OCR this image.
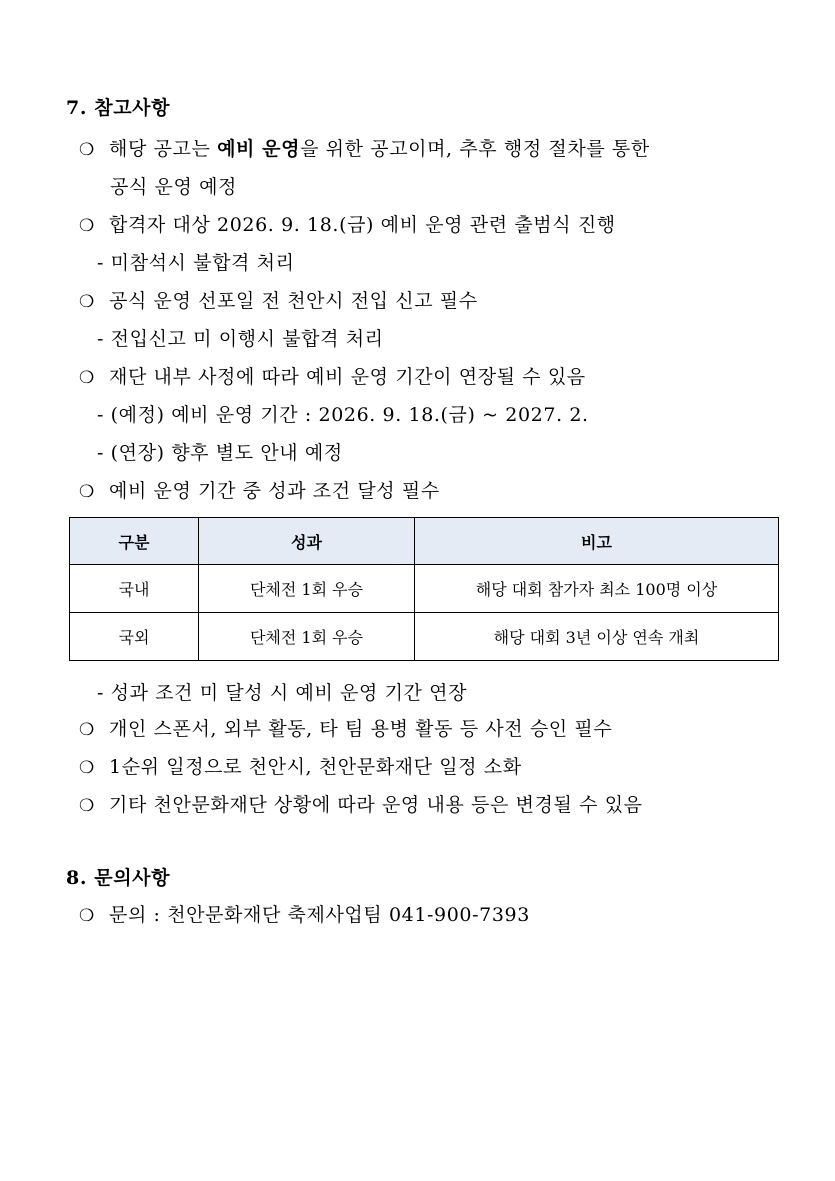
7. 참고사항
❍ 해당 공고는 예비 운영을 위한 공고이며, 추후 행정 절차를 통한
공식 운영 예정
❍ 합격자 대상 2026. 9. 18.(금) 예비 운영 관련 출범식 진행
- 미참석시 불합격 처리
❍ 공식 운영 선포일 전 천안시 전입 신고 필수
- 전입신고 미 이행시 불합격 처리
❍ 재단 내부 사정에 따라 예비 운영 기간이 연장될 수 있음
- (예정) 예비 운영 기간 : 2026. 9. 18.(금) ~ 2027. 2.
- (연장) 향후 별도 안내 예정
❍ 예비 운영 기간 중 성과 조건 달성 필수
구분	성과	비고
국내	단체전 1회 우승	해당 대회 참가자 최소 100명 이상
국외	단체전 1회 우승	해당 대회 3년 이상 연속 개최
- 성과 조건 미 달성 시 예비 운영 기간 연장
❍ 개인 스폰서, 외부 활동, 타 팀 용병 활동 등 사전 승인 필수
❍ 1순위 일정으로 천안시, 천안문화재단 일정 소화
❍ 기타 천안문화재단 상황에 따라 운영 내용 등은 변경될 수 있음
8. 문의사항
❍ 문의 : 천안문화재단 축제사업팀 041-900-7393
